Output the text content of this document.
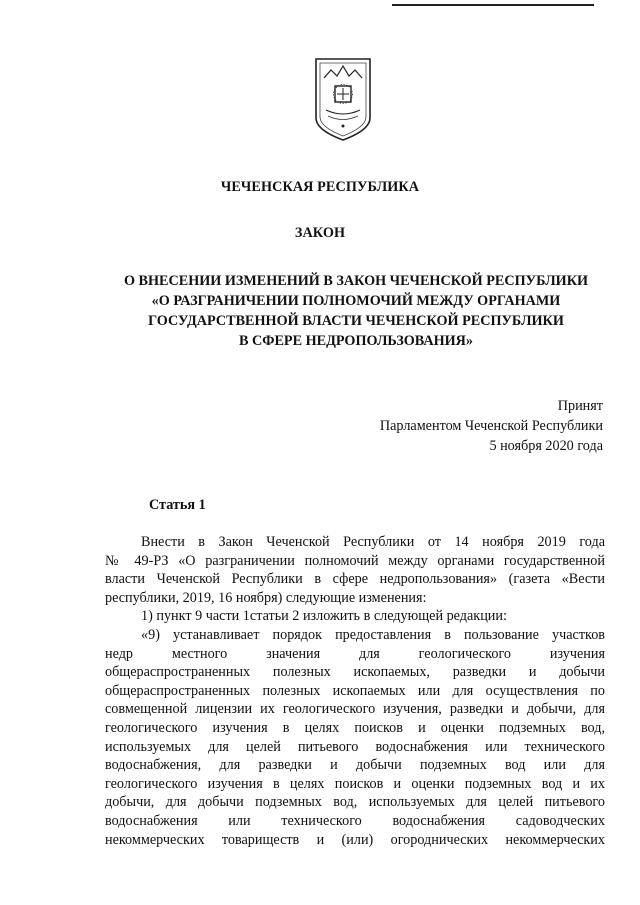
ЧЕЧЕНСКАЯ РЕСПУБЛИКА
ЗАКОН
О ВНЕСЕНИИ ИЗМЕНЕНИЙ В ЗАКОН ЧЕЧЕНСКОЙ РЕСПУБЛИКИ
«О РАЗГРАНИЧЕНИИ ПОЛНОМОЧИЙ МЕЖДУ ОРГАНАМИ
ГОСУДАРСТВЕННОЙ ВЛАСТИ ЧЕЧЕНСКОЙ РЕСПУБЛИКИ
В СФЕРЕ НЕДРОПОЛЬЗОВАНИЯ»
Принят
Парламентом Чеченской Республики
5 ноября 2020 года
Статья 1
Внести в Закон Чеченской Республики от 14 ноября 2019 года
№ 49-РЗ «О разграничении полномочий между органами государственной
власти Чеченской Республики в сфере недропользования» (газета «Вести
республики, 2019, 16 ноября) следующие изменения:
1) пункт 9 части 1статьи 2 изложить в следующей редакции:
«9) устанавливает порядок предоставления в пользование участков
недр местного значения для геологического изучения
общераспространенных полезных ископаемых, разведки и добычи
общераспространенных полезных ископаемых или для осуществления по
совмещенной лицензии их геологического изучения, разведки и добычи, для
геологического изучения в целях поисков и оценки подземных вод,
используемых для целей питьевого водоснабжения или технического
водоснабжения, для разведки и добычи подземных вод или для
геологического изучения в целях поисков и оценки подземных вод и их
добычи, для добычи подземных вод, используемых для целей питьевого
водоснабжения или технического водоснабжения садоводческих
некоммерческих товариществ и (или) огороднических некоммерческих
